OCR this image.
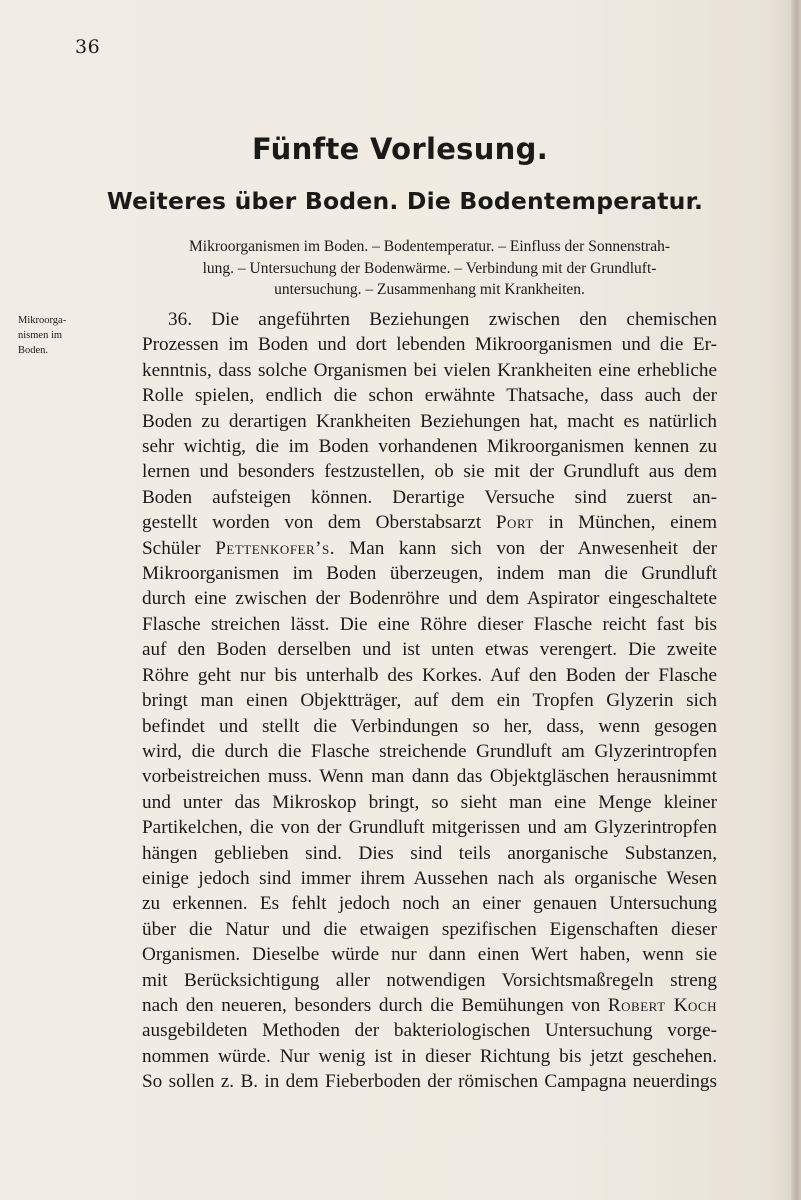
36
Fünfte Vorlesung.
Weiteres über Boden. Die Bodentemperatur.
Mikroorganismen im Boden. – Bodentemperatur. – Einfluss der Sonnenstrah-
lung. – Untersuchung der Bodenwärme. – Verbindung mit der Grundluft-
untersuchung. – Zusammenhang mit Krankheiten.
Mikroorga-
nismen im
Boden.
36. Die angeführten Beziehungen zwischen den chemischen
Prozessen im Boden und dort lebenden Mikroorganismen und die Er-
kenntnis, dass solche Organismen bei vielen Krankheiten eine erhebliche
Rolle spielen, endlich die schon erwähnte Thatsache, dass auch der
Boden zu derartigen Krankheiten Beziehungen hat, macht es natürlich
sehr wichtig, die im Boden vorhandenen Mikroorganismen kennen zu
lernen und besonders festzustellen, ob sie mit der Grundluft aus dem
Boden aufsteigen können. Derartige Versuche sind zuerst an-
gestellt worden von dem Oberstabsarzt Port in München, einem
Schüler Pettenkofer’s. Man kann sich von der Anwesenheit der
Mikroorganismen im Boden überzeugen, indem man die Grundluft
durch eine zwischen der Bodenröhre und dem Aspirator eingeschaltete
Flasche streichen lässt. Die eine Röhre dieser Flasche reicht fast bis
auf den Boden derselben und ist unten etwas verengert. Die zweite
Röhre geht nur bis unterhalb des Korkes. Auf den Boden der Flasche
bringt man einen Objektträger, auf dem ein Tropfen Glyzerin sich
befindet und stellt die Verbindungen so her, dass, wenn gesogen
wird, die durch die Flasche streichende Grundluft am Glyzerintropfen
vorbeistreichen muss. Wenn man dann das Objektgläschen herausnimmt
und unter das Mikroskop bringt, so sieht man eine Menge kleiner
Partikelchen, die von der Grundluft mitgerissen und am Glyzerintropfen
hängen geblieben sind. Dies sind teils anorganische Substanzen,
einige jedoch sind immer ihrem Aussehen nach als organische Wesen
zu erkennen. Es fehlt jedoch noch an einer genauen Untersuchung
über die Natur und die etwaigen spezifischen Eigenschaften dieser
Organismen. Dieselbe würde nur dann einen Wert haben, wenn sie
mit Berücksichtigung aller notwendigen Vorsichtsmaßregeln streng
nach den neueren, besonders durch die Bemühungen von Robert Koch
ausgebildeten Methoden der bakteriologischen Untersuchung vorge-
nommen würde. Nur wenig ist in dieser Richtung bis jetzt geschehen.
So sollen z. B. in dem Fieberboden der römischen Campagna neuerdings
